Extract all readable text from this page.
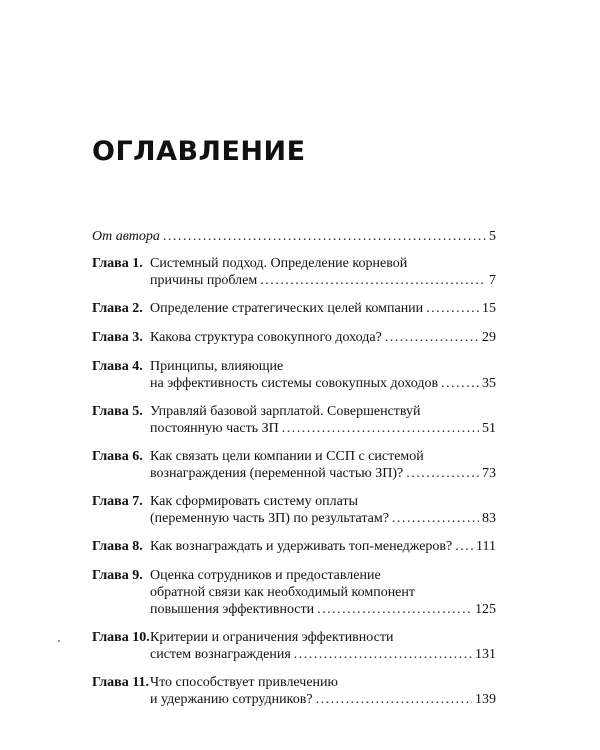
ОГЛАВЛЕНИЕ
От автора . . .	5
Глава 1. Системный подход. Определение корневой
причины проблем . . .	7
Глава 2. Определение стратегических целей компании . . .	15
Глава 3. Какова структура совокупного дохода? . . .	29
Глава 4. Принципы, влияющие
на эффективность системы совокупных доходов . . .	35
Глава 5. Управляй базовой зарплатой. Совершенствуй
постоянную часть ЗП . . .	51
Глава 6. Как связать цели компании и ССП с системой
вознаграждения (переменной частью ЗП)? . . .	73
Глава 7. Как сформировать систему оплаты
(переменную часть ЗП) по результатам? . . .	83
Глава 8. Как вознаграждать и удерживать топ-менеджеров? . . . 111
Глава 9. Оценка сотрудников и предоставление
обратной связи как необходимый компонент
повышения эффективности . . .	125
Глава 10. Критерии и ограничения эффективности
систем вознаграждения . . .	131
Глава 11. Что способствует привлечению
и удержанию сотрудников? . . .	139
